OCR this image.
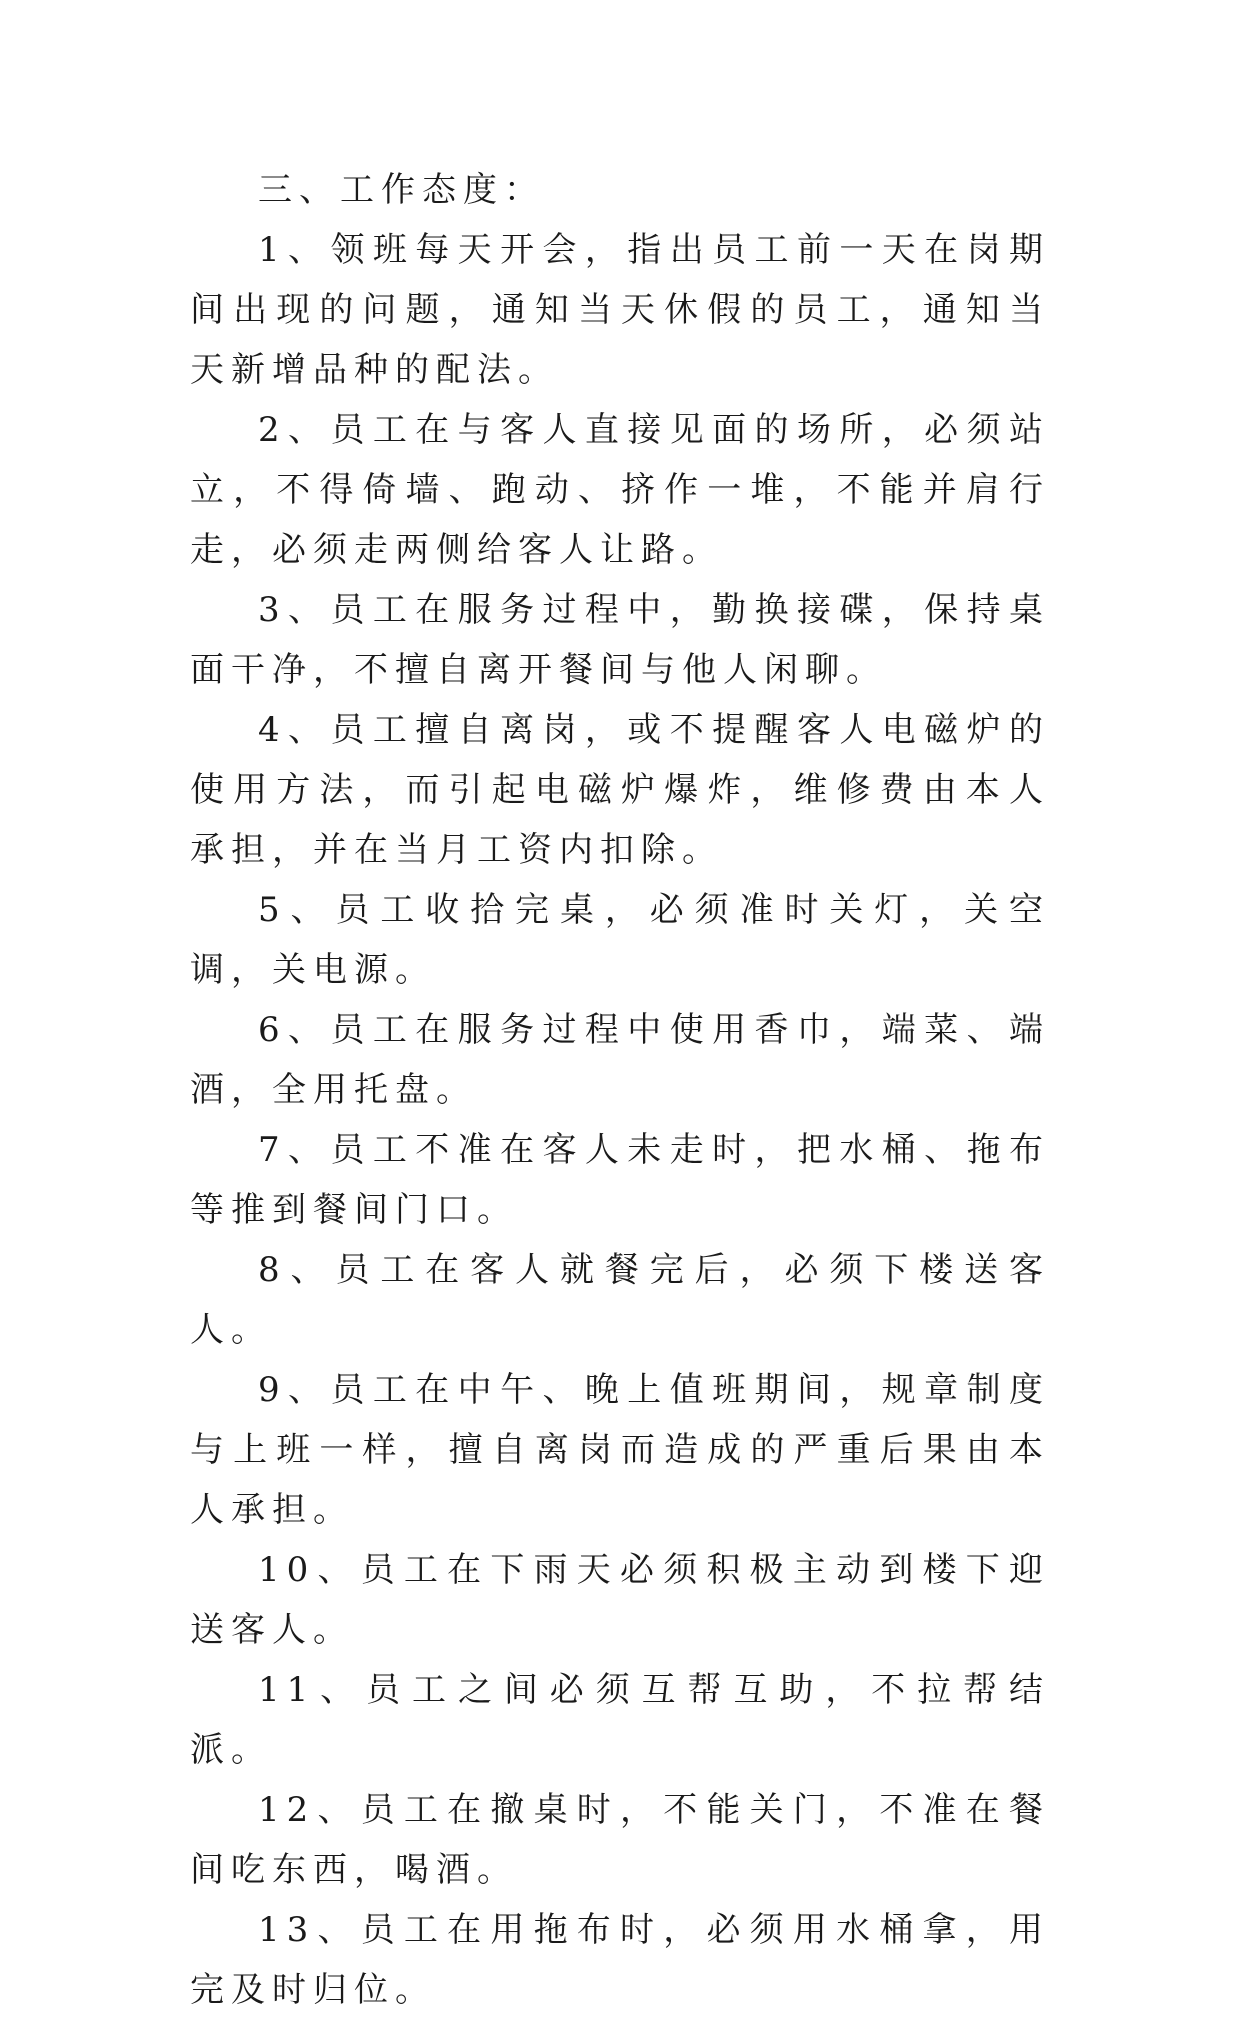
三、工作态度：

1、领班每天开会，指出员工前一天在岗期间出现的问题，通知当天休假的员工，通知当天新增品种的配法。

2、员工在与客人直接见面的场所，必须站立，不得倚墙、跑动、挤作一堆，不能并肩行走，必须走两侧给客人让路。

3、员工在服务过程中，勤换接碟，保持桌面干净，不擅自离开餐间与他人闲聊。

4、员工擅自离岗，或不提醒客人电磁炉的使用方法，而引起电磁炉爆炸，维修费由本人承担，并在当月工资内扣除。

5、员工收拾完桌，必须准时关灯，关空调，关电源。

6、员工在服务过程中使用香巾，端菜、端酒，全用托盘。

7、员工不准在客人未走时，把水桶、拖布等推到餐间门口。

8、员工在客人就餐完后，必须下楼送客人。

9、员工在中午、晚上值班期间，规章制度与上班一样，擅自离岗而造成的严重后果由本人承担。

10、员工在下雨天必须积极主动到楼下迎送客人。

11、员工之间必须互帮互助，不拉帮结派。

12、员工在撤桌时，不能关门，不准在餐间吃东西，喝酒。

13、员工在用拖布时，必须用水桶拿，用完及时归位。
